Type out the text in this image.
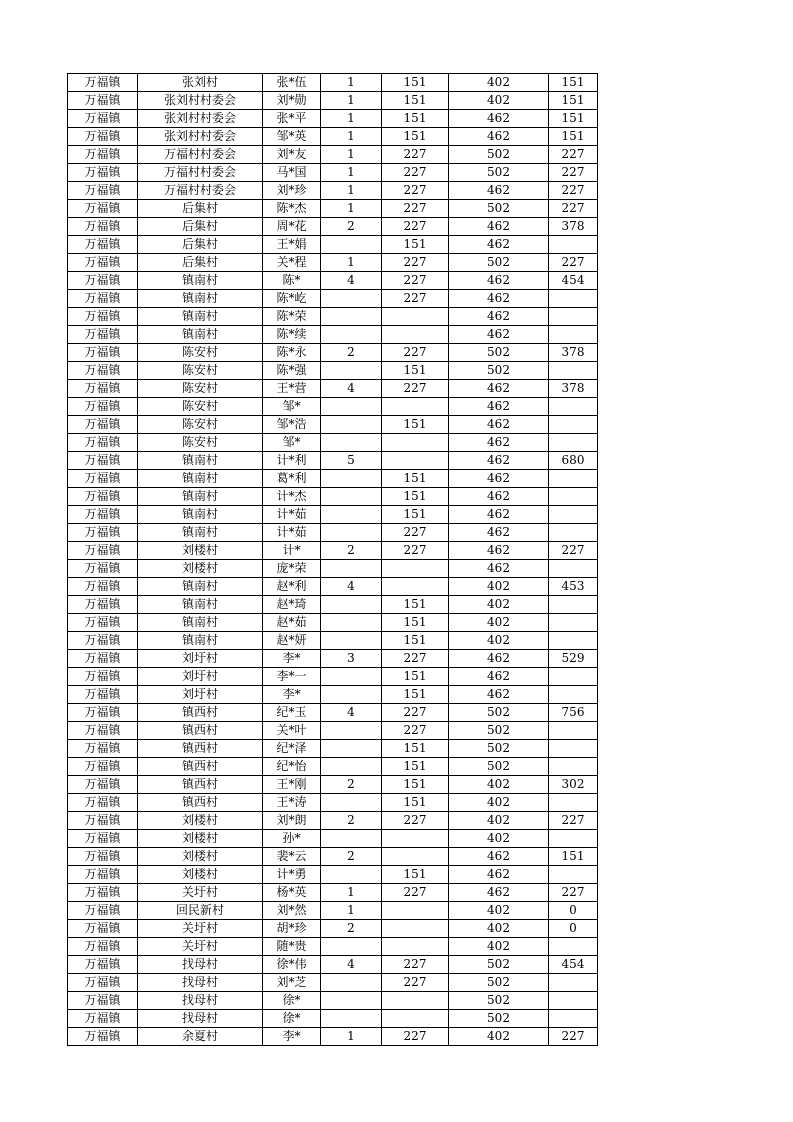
万福镇	张刘村	张*伍	1	151	402	151
万福镇	张刘村村委会	刘*勋	1	151	402	151
万福镇	张刘村村委会	张*平	1	151	462	151
万福镇	张刘村村委会	邹*英	1	151	462	151
万福镇	万福村村委会	刘*友	1	227	502	227
万福镇	万福村村委会	马*国	1	227	502	227
万福镇	万福村村委会	刘*珍	1	227	462	227
万福镇	后集村	陈*杰	1	227	502	227
万福镇	后集村	周*花	2	227	462	378
万福镇	后集村	王*娟		151	462	
万福镇	后集村	关*程	1	227	502	227
万福镇	镇南村	陈*	4	227	462	454
万福镇	镇南村	陈*屹		227	462	
万福镇	镇南村	陈*荣			462	
万福镇	镇南村	陈*续			462	
万福镇	陈安村	陈*永	2	227	502	378
万福镇	陈安村	陈*强		151	502	
万福镇	陈安村	王*营	4	227	462	378
万福镇	陈安村	邹*			462	
万福镇	陈安村	邹*浩		151	462	
万福镇	陈安村	邹*			462	
万福镇	镇南村	计*利	5		462	680
万福镇	镇南村	葛*利		151	462	
万福镇	镇南村	计*杰		151	462	
万福镇	镇南村	计*茹		151	462	
万福镇	镇南村	计*茹		227	462	
万福镇	刘楼村	计*	2	227	462	227
万福镇	刘楼村	庞*荣			462	
万福镇	镇南村	赵*利	4		402	453
万福镇	镇南村	赵*琦		151	402	
万福镇	镇南村	赵*茹		151	402	
万福镇	镇南村	赵*妍		151	402	
万福镇	刘圩村	李*	3	227	462	529
万福镇	刘圩村	李*一		151	462	
万福镇	刘圩村	李*		151	462	
万福镇	镇西村	纪*玉	4	227	502	756
万福镇	镇西村	关*叶		227	502	
万福镇	镇西村	纪*泽		151	502	
万福镇	镇西村	纪*怡		151	502	
万福镇	镇西村	王*刚	2	151	402	302
万福镇	镇西村	王*涛		151	402	
万福镇	刘楼村	刘*朗	2	227	402	227
万福镇	刘楼村	孙*			402	
万福镇	刘楼村	裴*云	2		462	151
万福镇	刘楼村	计*勇		151	462	
万福镇	关圩村	杨*英	1	227	462	227
万福镇	回民新村	刘*然	1		402	0
万福镇	关圩村	胡*珍	2		402	0
万福镇	关圩村	随*贵			402	
万福镇	找母村	徐*伟	4	227	502	454
万福镇	找母村	刘*芝		227	502	
万福镇	找母村	徐*			502	
万福镇	找母村	徐*			502	
万福镇	余夏村	李*	1	227	402	227
